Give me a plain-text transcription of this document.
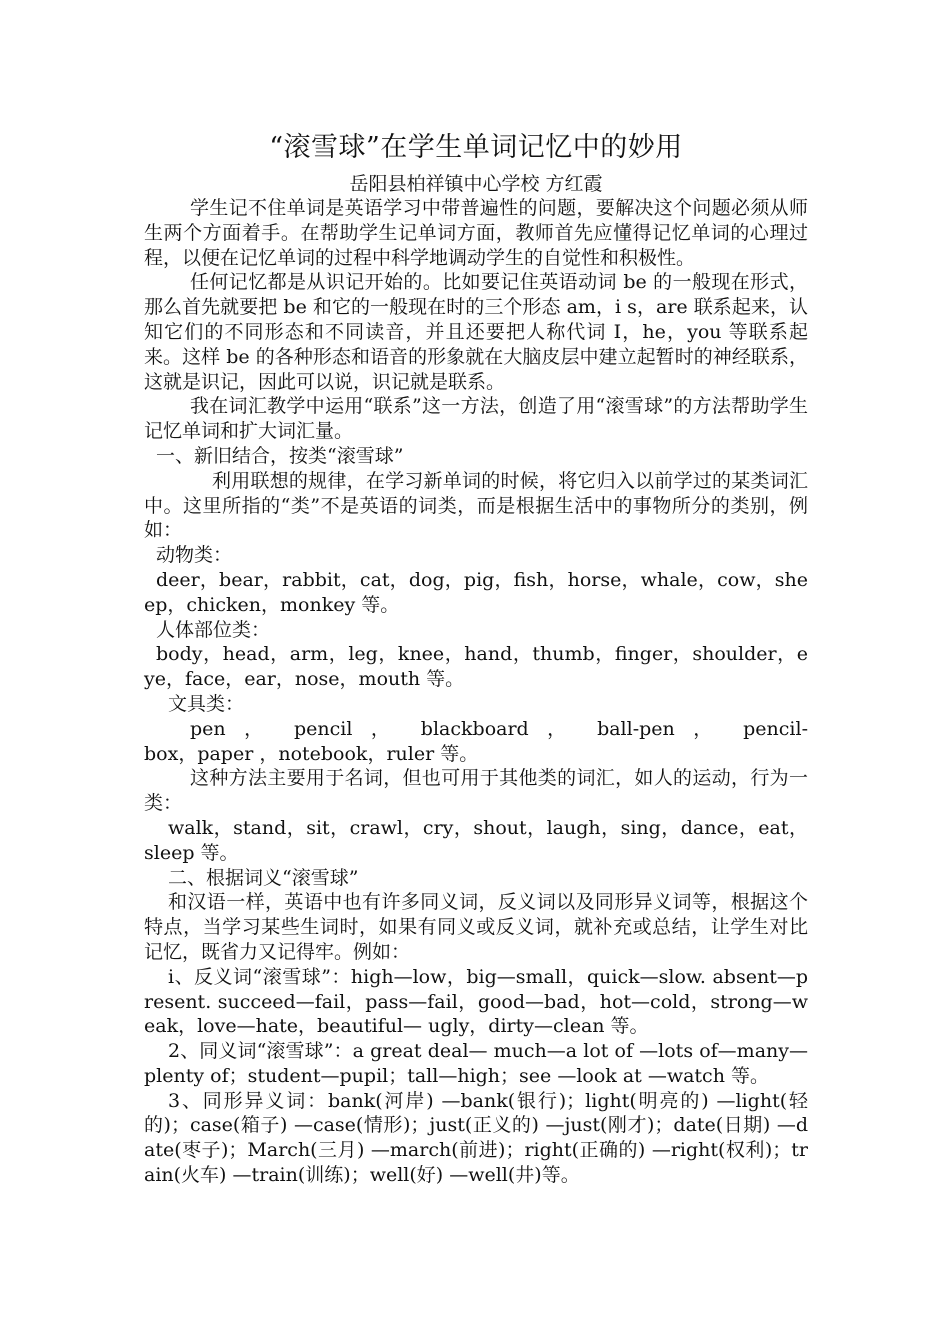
“滚雪球”在学生单词记忆中的妙用

岳阳县柏祥镇中心学校 方红霞

学生记不住单词是英语学习中带普遍性的问题，要解决这个问题必须从师生两个方面着手。在帮助学生记单词方面，教师首先应懂得记忆单词的心理过程，以便在记忆单词的过程中科学地调动学生的自觉性和积极性。

任何记忆都是从识记开始的。比如要记住英语动词 be 的一般现在形式，那么首先就要把 be 和它的一般现在时的三个形态 am，i s，are 联系起来，认知它们的不同形态和不同读音，并且还要把人称代词 I，he，you 等联系起来。这样 be 的各种形态和语音的形象就在大脑皮层中建立起暂时的神经联系，这就是识记，因此可以说，识记就是联系。

我在词汇教学中运用“联系”这一方法，创造了用“滚雪球”的方法帮助学生记忆单词和扩大词汇量。

一、新旧结合，按类“滚雪球”

利用联想的规律，在学习新单词的时候，将它归入以前学过的某类词汇中。这里所指的“类”不是英语的词类，而是根据生活中的事物所分的类别，例如：

动物类：

deer，bear，rabbit，cat，dog，pig，fish，horse，whale，cow，sheep，chicken，monkey 等。

人体部位类：

body，head，arm，leg，knee，hand，thumb，finger，shoulder，eye，face，ear，nose，mouth 等。

文具类：

pen ， pencil ， blackboard ， ball-pen ， pencil-

box，paper ，notebook，ruler 等。

这种方法主要用于名词，但也可用于其他类的词汇，如人的运动，行为一类：

walk，stand，sit，crawl，cry，shout，laugh，sing，dance，eat，sleep 等。

二、根据词义“滚雪球”

和汉语一样，英语中也有许多同义词，反义词以及同形异义词等，根据这个特点，当学习某些生词时，如果有同义或反义词，就补充或总结，让学生对比记忆，既省力又记得牢。例如：

i、反义词“滚雪球”：high—low，big—small，quick—slow. absent—present. succeed—fail，pass—fail，good—bad，hot—cold，strong—weak，love—hate，beautiful— ugly，dirty—clean 等。

2、同义词“滚雪球”：a great deal— much—a lot of —lots of—many—plenty of；student—pupil；tall—high；see —look at —watch 等。

3、同形异义词：bank(河岸) —bank(银行)；light(明亮的) —light(轻的)；case(箱子) —case(情形)；just(正义的) —just(刚才)；date(日期) —date(枣子)；March(三月) —march(前进)；right(正确的) —right(权利)；train(火车) —train(训练)；well(好) —well(井)等。
